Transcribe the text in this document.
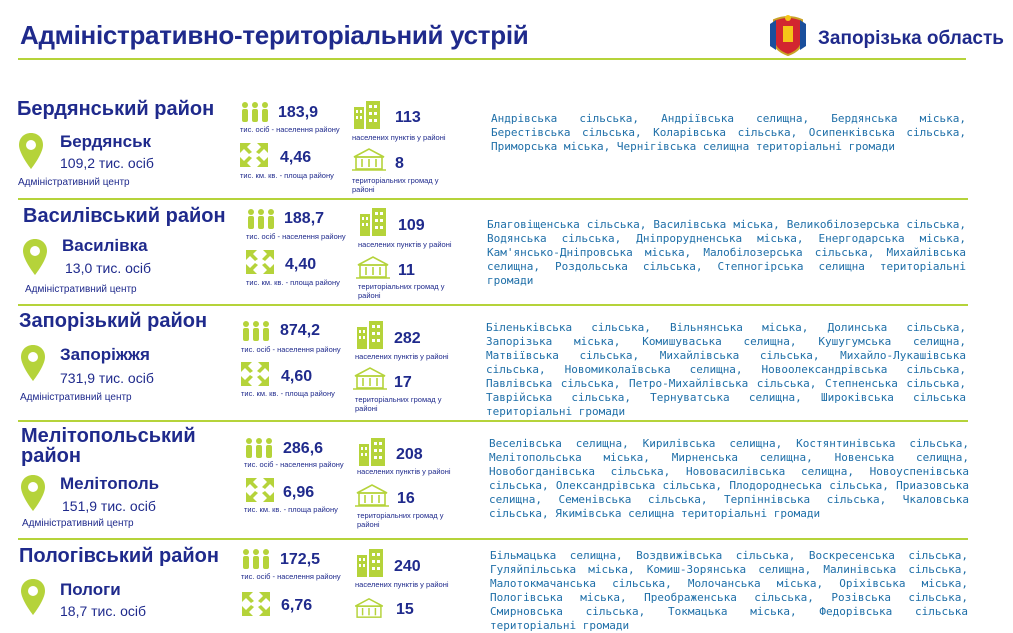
Адміністративно-територіальний устрій	Запорізька область
Бердянський район
Бердянськ
109,2 тис. осіб
Адміністративний центр
183,9
тис. осіб - населення району
4,46
тис. км. кв. - площа району
113
населених пунктів у районі
8
територіальних громад у районі
Андрівська сільська, Андріївська селищна, Бердянська міська, Берестівська сільська, Коларівська сільська, Осипенківська сільська, Приморська міська, Чернігівська селищна територіальні громади
Василівський район
Василівка
13,0 тис. осіб
Адміністративний центр
188,7
тис. осіб - населення району
4,40
тис. км. кв. - площа району
109
населених пунктів у районі
11
територіальних громад у районі
Благовіщенська сільська, Василівська міська, Великобілозерська сільська, Водянська сільська, Дніпрорудненська міська, Енергодарська міська, Кам'янсько-Дніпровська міська, Малобілозерська сільська, Михайлівська селищна, Роздольська сільська, Степногірська селищна територіальні громади
Запорізький район
Запоріжжя
731,9 тис. осіб
Адміністративний центр
874,2
тис. осіб - населення району
4,60
тис. км. кв. - площа району
282
населених пунктів у районі
17
територіальних громад у районі
Біленьківська сільська, Вільнянська міська, Долинська сільська, Запорізька міська, Комишуваська селищна, Кушугумська селищна, Матвіївська сільська, Михайлівська сільська, Михайло-Лукашівська сільська, Новомиколаївська селищна, Новоолександрівська сільська, Павлівська сільська, Петро-Михайлівська сільська, Степненська сільська, Таврійська сільська, Тернуватська селищна, Широківська сільська територіальні громади
Мелітопольський район
Мелітополь
151,9 тис. осіб
Адміністративний центр
286,6
тис. осіб - населення району
6,96
тис. км. кв. - площа району
208
населених пунктів у районі
16
територіальних громад у районі
Веселівська селищна, Кирилівська селищна, Костянтинівська сільська, Мелітопольська міська, Мирненська селищна, Новенська селищна, Новобогданівська сільська, Нововасилівська селищна, Новоуспенівська сільська, Олександрівська сільська, Плодороднеська сільська, Приазовська селищна, Семенівська сільська, Терпіннівська сільська, Чкаловська сільська, Якимівська селищна територіальні громади
Пологівський район
Пологи
18,7 тис. осіб
172,5
тис. осіб - населення району
6,76
240
населених пунктів у районі
15
Більмацька селищна, Воздвижівська сільська, Воскресенська сільська, Гуляйпільська міська, Комиш-Зорянська селищна, Малинівська сільська, Малотокмачанська сільська, Молочанська міська, Оріхівська міська, Пологівська міська, Преображенська сільська, Розівська сільська, Смирновська сільська, Токмацька міська, Федорівська сільська територіальні громади
